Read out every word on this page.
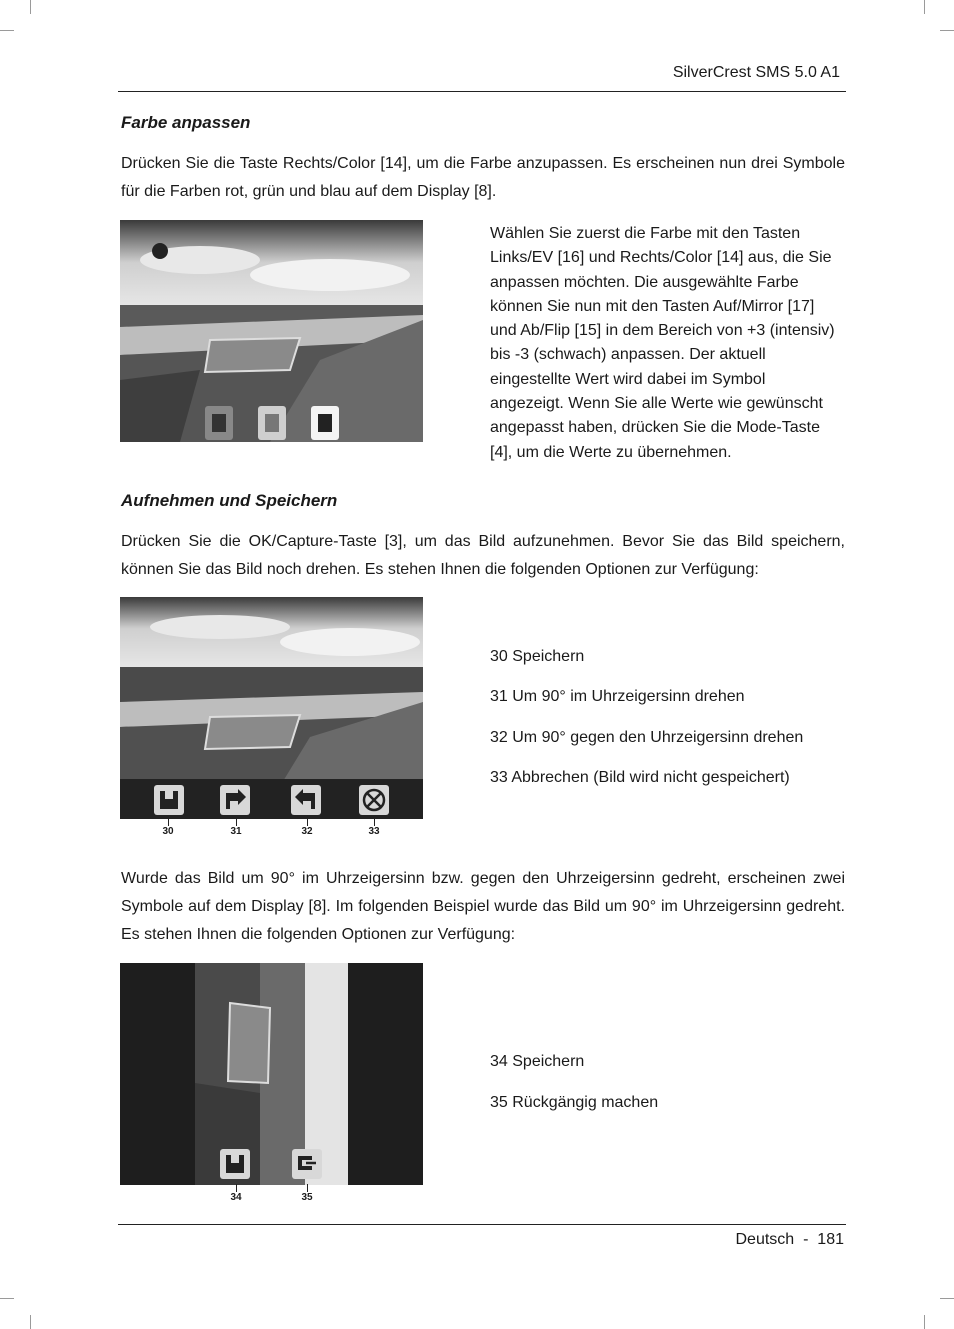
SilverCrest SMS 5.0 A1
Farbe anpassen

Drücken Sie die Taste Rechts/Color [14], um die Farbe anzupassen. Es erscheinen nun drei Symbole für die Farben rot, grün und blau auf dem Display [8].

Wählen Sie zuerst die Farbe mit den Tasten Links/EV [16] und Rechts/Color [14] aus, die Sie anpassen möchten. Die ausgewählte Farbe können Sie nun mit den Tasten Auf/Mirror [17] und Ab/Flip [15] in dem Bereich von +3 (intensiv) bis -3 (schwach) anpassen. Der aktuell eingestellte Wert wird dabei im Symbol angezeigt. Wenn Sie alle Werte wie gewünscht angepasst haben, drücken Sie die Mode-Taste [4], um die Werte zu übernehmen.

Aufnehmen und Speichern

Drücken Sie die OK/Capture-Taste [3], um das Bild aufzunehmen. Bevor Sie das Bild speichern, können Sie das Bild noch drehen. Es stehen Ihnen die folgenden Optionen zur Verfügung:

30	31	32	33
30 Speichern
31 Um 90° im Uhrzeigersinn drehen
32 Um 90° gegen den Uhrzeigersinn drehen
33 Abbrechen (Bild wird nicht gespeichert)

Wurde das Bild um 90° im Uhrzeigersinn bzw. gegen den Uhrzeigersinn gedreht, erscheinen zwei Symbole auf dem Display [8]. Im folgenden Beispiel wurde das Bild um 90° im Uhrzeigersinn gedreht. Es stehen Ihnen die folgenden Optionen zur Verfügung:

34	35
34 Speichern
35 Rückgängig machen
Deutsch  -  181
